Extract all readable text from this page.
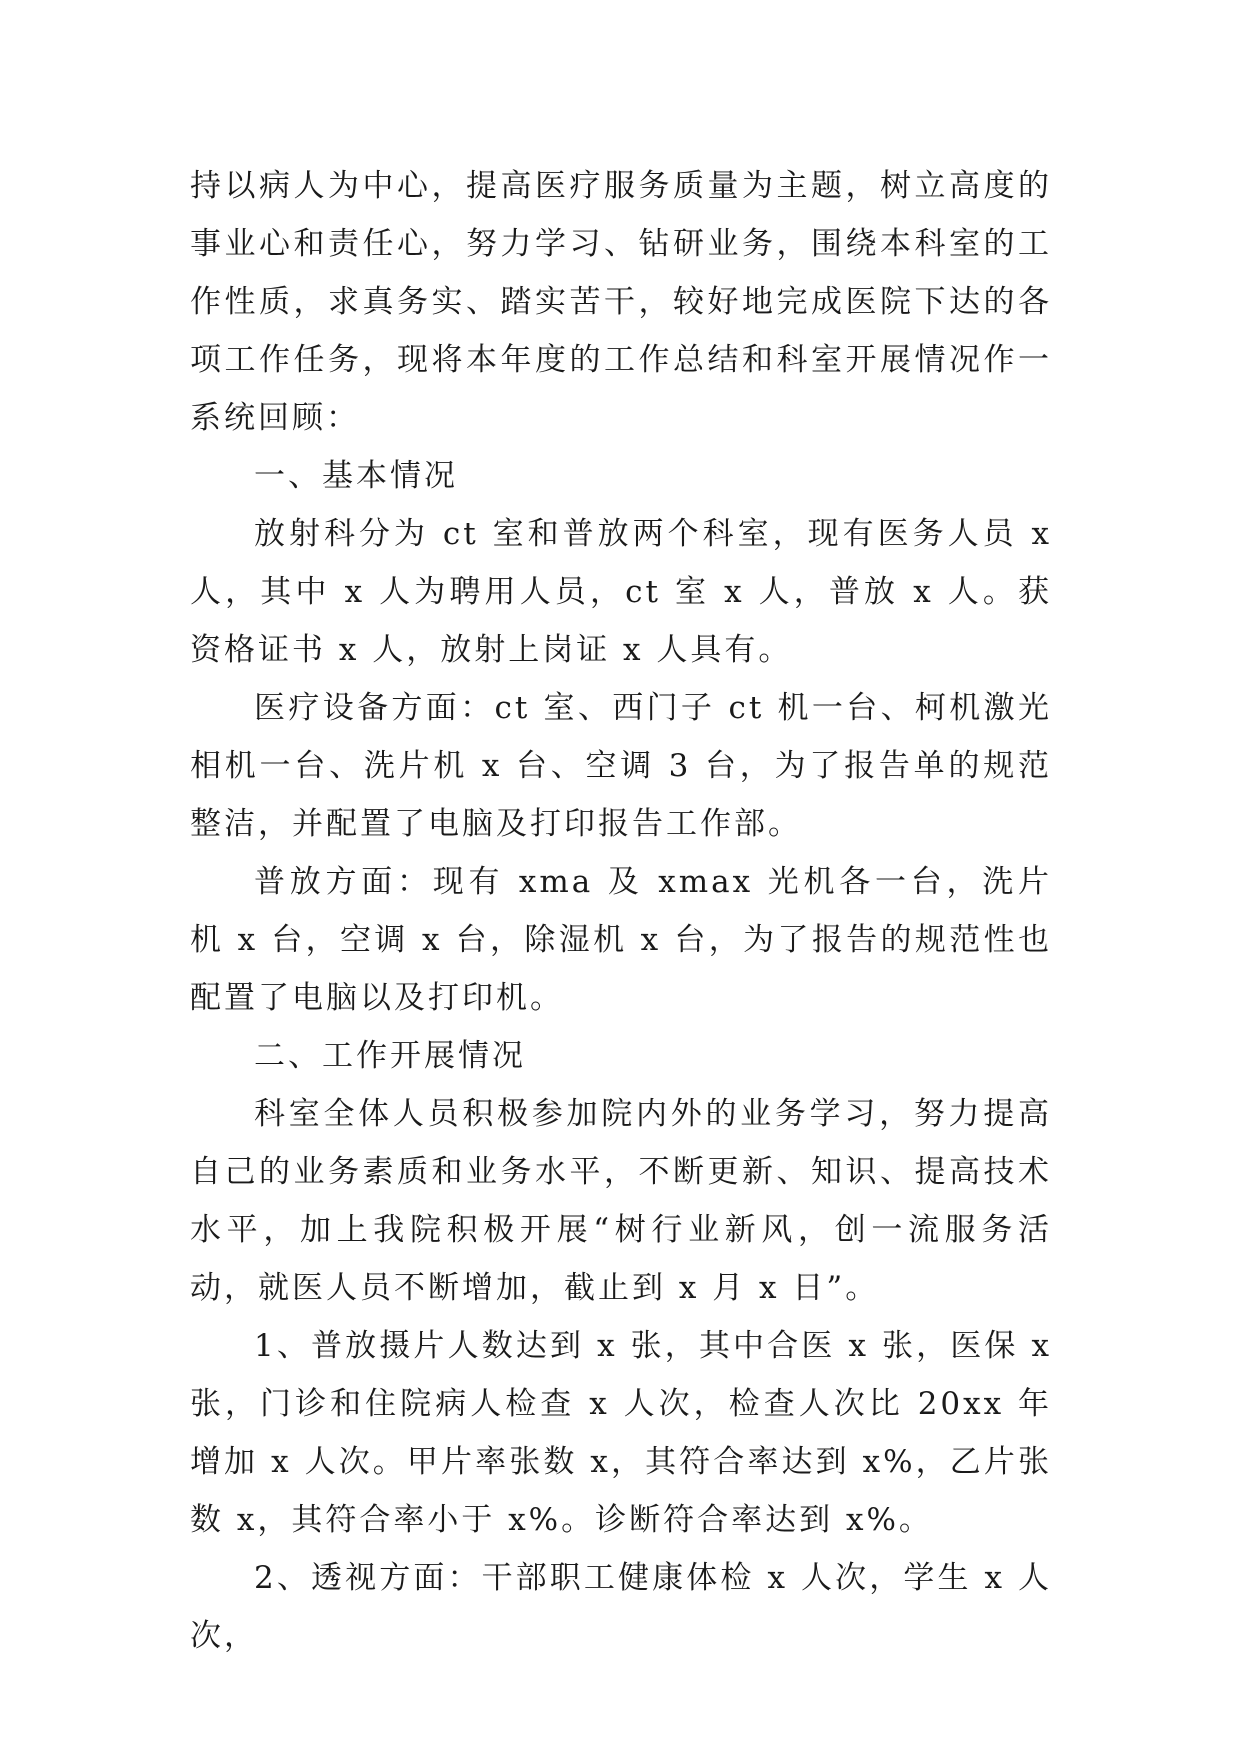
持以病人为中心，提高医疗服务质量为主题，树立高度的事业心和责任心，努力学习、钻研业务，围绕本科室的工作性质，求真务实、踏实苦干，较好地完成医院下达的各项工作任务，现将本年度的工作总结和科室开展情况作一系统回顾：

一、基本情况

放射科分为 ct 室和普放两个科室，现有医务人员 x 人，其中 x 人为聘用人员，ct 室 x 人，普放 x 人。获资格证书 x 人，放射上岗证 x 人具有。

医疗设备方面：ct 室、西门子 ct 机一台、柯机激光相机一台、洗片机 x 台、空调 3 台，为了报告单的规范整洁，并配置了电脑及打印报告工作部。

普放方面：现有 xma 及 xmax 光机各一台，洗片机 x 台，空调 x 台，除湿机 x 台，为了报告的规范性也配置了电脑以及打印机。

二、工作开展情况

科室全体人员积极参加院内外的业务学习，努力提高自己的业务素质和业务水平，不断更新、知识、提高技术水平，加上我院积极开展“树行业新风，创一流服务活动，就医人员不断增加，截止到 x 月 x 日”。

1、普放摄片人数达到 x 张，其中合医 x 张，医保 x 张，门诊和住院病人检查 x 人次，检查人次比 20xx 年增加 x 人次。甲片率张数 x，其符合率达到 x%，乙片张数 x，其符合率小于 x%。诊断符合率达到 x%。

2、透视方面：干部职工健康体检 x 人次，学生 x 人次，
